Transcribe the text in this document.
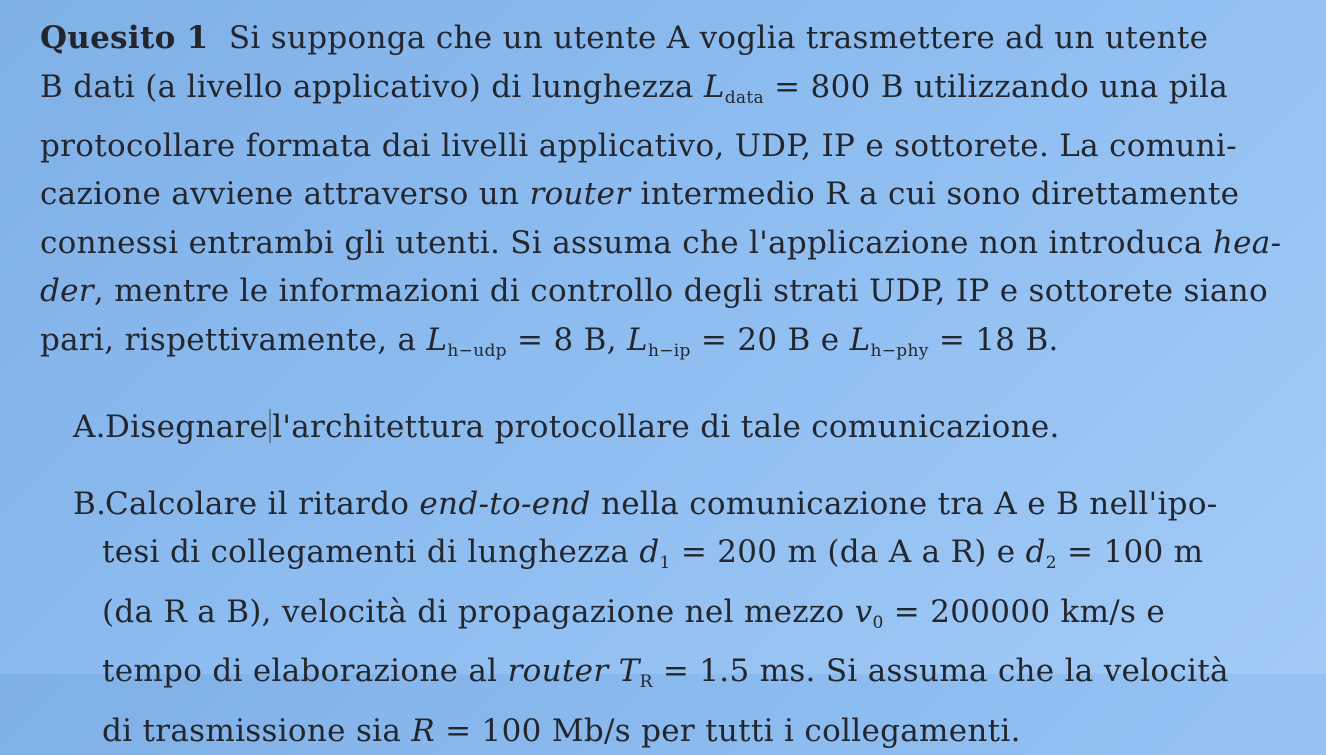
Quesito 1 Si supponga che un utente A voglia trasmettere ad un utente
B dati (a livello applicativo) di lunghezza $L_{data} = 800$ B utilizzando una pila
protocollare formata dai livelli applicativo, UDP, IP e sottorete. La comuni-
cazione avviene attraverso un router intermedio R a cui sono direttamente
connessi entrambi gli utenti. Si assuma che l'applicazione non introduca hea-
der, mentre le informazioni di controllo degli strati UDP, IP e sottorete siano
pari, rispettivamente, a $L_{h-udp} = 8$ B, $L_{h-ip} = 20$ B e $L_{h-phy} = 18$ B.
A.Disegnare l'architettura protocollare di tale comunicazione.
B.Calcolare il ritardo end-to-end nella comunicazione tra A e B nell'ipo-
tesi di collegamenti di lunghezza $d_1 = 200$ m (da A a R) e $d_2 = 100$ m
(da R a B), velocità di propagazione nel mezzo $v_0 = 200000$ km/s e
tempo di elaborazione al router $T_R = 1.5$ ms. Si assuma che la velocità
di trasmissione sia R = 100 Mb/s per tutti i collegamenti.
